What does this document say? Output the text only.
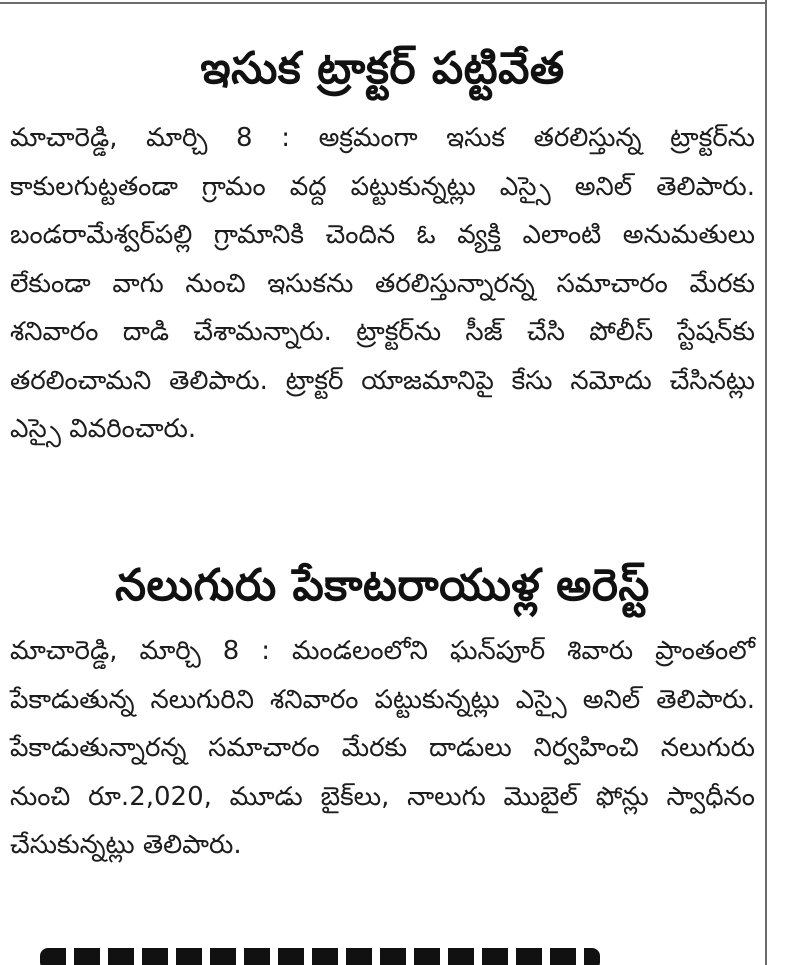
ఇసుక ట్రాక్టర్ పట్టివేత

మాచారెడ్డి, మార్చి 8 : అక్రమంగా ఇసుక తరలిస్తున్న ట్రాక్టర్‌ను కాకులగుట్టతండా గ్రామం వద్ద పట్టుకున్నట్లు ఎస్సై అనిల్ తెలిపారు. బండరామేశ్వర్‌పల్లి గ్రామానికి చెందిన ఓ వ్యక్తి ఎలాంటి అనుమతులు లేకుండా వాగు నుంచి ఇసుకను తరలిస్తున్నారన్న సమాచారం మేరకు శనివారం దాడి చేశామన్నారు. ట్రాక్టర్‌ను సీజ్ చేసి పోలీస్ స్టేషన్‌కు తరలించామని తెలిపారు. ట్రాక్టర్ యాజమానిపై కేసు నమోదు చేసినట్లు ఎస్సై వివరించారు.

నలుగురు పేకాటరాయుళ్ల అరెస్ట్

మాచారెడ్డి, మార్చి 8 : మండలంలోని ఘన్‌పూర్ శివారు ప్రాంతంలో పేకాడుతున్న నలుగురిని శనివారం పట్టుకున్నట్లు ఎస్సై అనిల్ తెలిపారు. పేకాడుతున్నారన్న సమాచారం మేరకు దాడులు నిర్వహించి నలుగురు నుంచి రూ.2,020, మూడు బైక్‌లు, నాలుగు మొబైల్ ఫోన్లు స్వాధీనం చేసుకున్నట్లు తెలిపారు.
